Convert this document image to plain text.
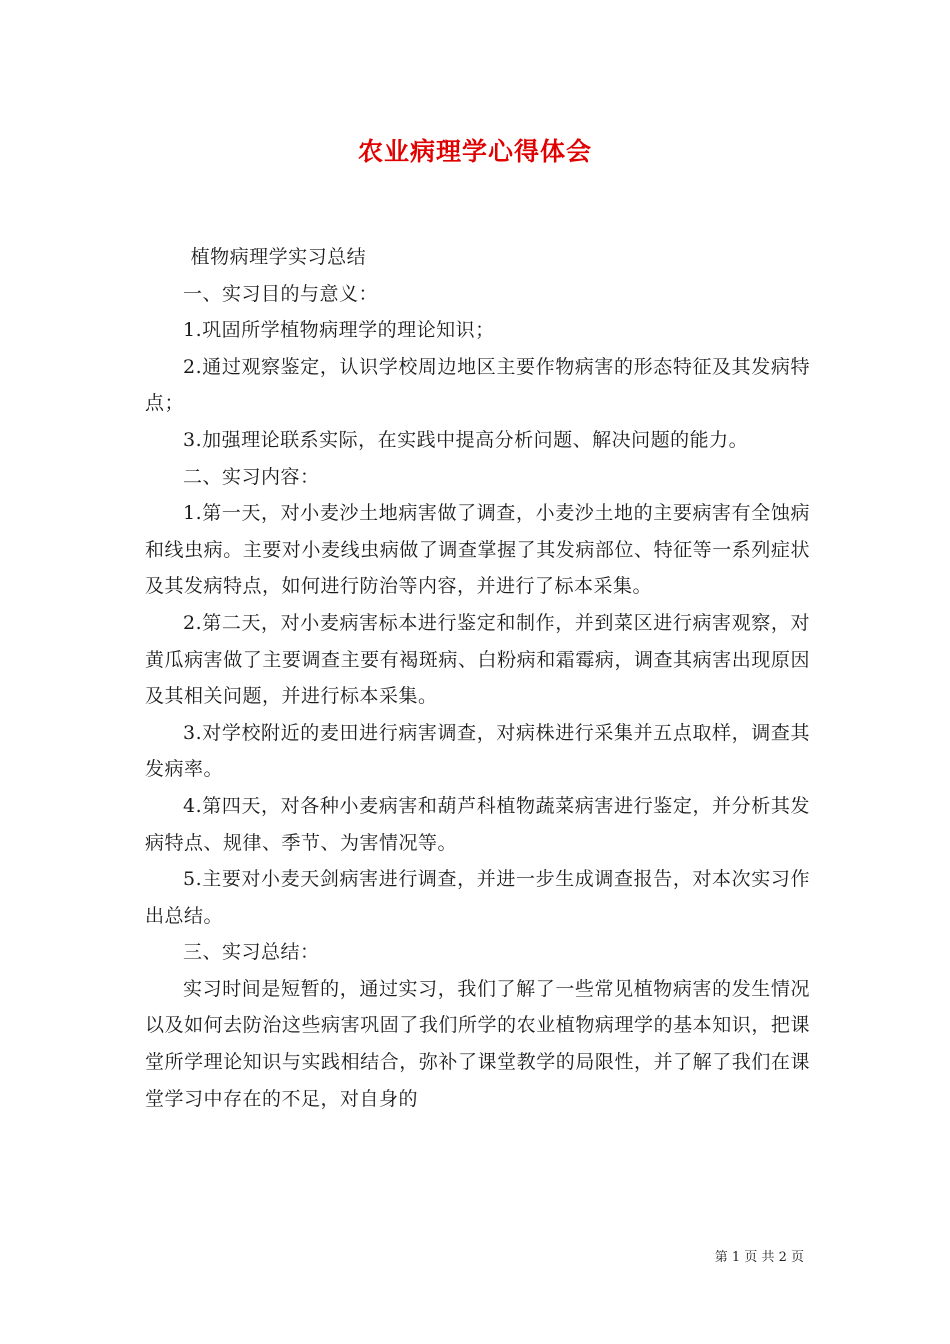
农业病理学心得体会

植物病理学实习总结

一、实习目的与意义：

1.巩固所学植物病理学的理论知识；

2.通过观察鉴定，认识学校周边地区主要作物病害的形态特征及其发病特点；

3.加强理论联系实际，在实践中提高分析问题、解决问题的能力。

二、实习内容：

1.第一天，对小麦沙土地病害做了调查，小麦沙土地的主要病害有全蚀病和线虫病。主要对小麦线虫病做了调查掌握了其发病部位、特征等一系列症状及其发病特点，如何进行防治等内容，并进行了标本采集。

2.第二天，对小麦病害标本进行鉴定和制作，并到菜区进行病害观察，对黄瓜病害做了主要调查主要有褐斑病、白粉病和霜霉病，调查其病害出现原因及其相关问题，并进行标本采集。

3.对学校附近的麦田进行病害调查，对病株进行采集并五点取样，调查其发病率。

4.第四天，对各种小麦病害和葫芦科植物蔬菜病害进行鉴定，并分析其发病特点、规律、季节、为害情况等。

5.主要对小麦天剑病害进行调查，并进一步生成调查报告，对本次实习作出总结。

三、实习总结：

实习时间是短暂的，通过实习，我们了解了一些常见植物病害的发生情况以及如何去防治这些病害巩固了我们所学的农业植物病理学的基本知识，把课堂所学理论知识与实践相结合，弥补了课堂教学的局限性，并了解了我们在课堂学习中存在的不足，对自身的

第 1 页 共 2 页
